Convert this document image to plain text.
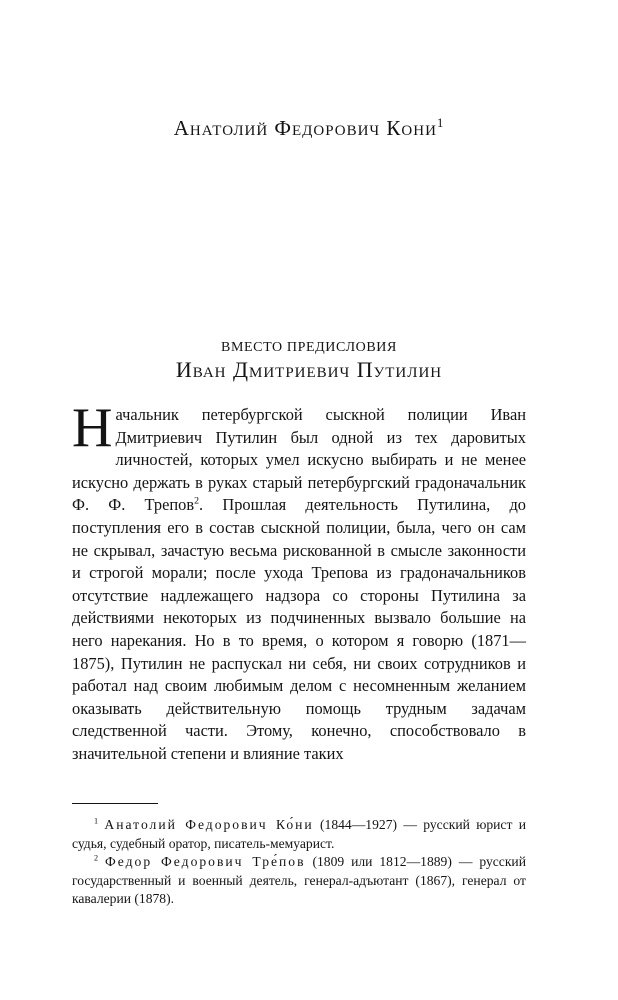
Анатолий Федорович Кони$^1$
ВМЕСТО ПРЕДИСЛОВИЯ
Иван Дмитриевич Путилин

Начальник петербургской сыскной полиции Иван Дмитриевич Путилин был одной из тех даровитых личностей, которых умел искусно выбирать и не менее искусно держать в руках старый петербургский градоначальник Ф. Ф. Трепов$^2$. Прошлая деятельность Путилина, до поступления его в состав сыскной полиции, была, чего он сам не скрывал, зачастую весьма рискованной в смысле законности и строгой морали; после ухода Трепова из градоначальников отсутствие надлежащего надзора со стороны Путилина за действиями некоторых из подчиненных вызвало большие на него нарекания. Но в то время, о котором я говорю (1871—1875), Путилин не распускал ни себя, ни своих сотрудников и работал над своим любимым делом с несомненным желанием оказывать действительную помощь трудным задачам следственной части. Этому, конечно, способствовало в значительной степени и влияние таких

$^1$ Анатолий Федорович Ко́ни (1844—1927) — русский юрист и судья, судебный оратор, писатель-мемуарист.

$^2$ Федор Федорович Тре́пов (1809 или 1812—1889) — русский государственный и военный деятель, генерал-адъютант (1867), генерал от кавалерии (1878).
